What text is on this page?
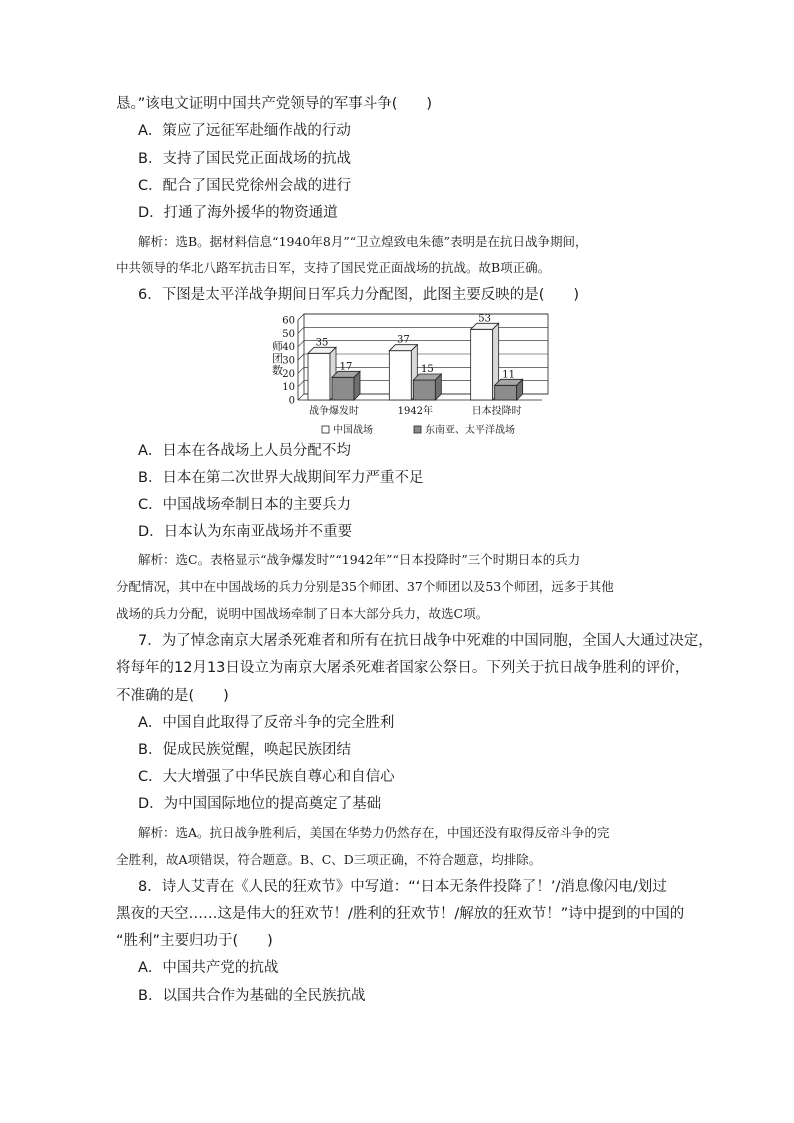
恳。”该电文证明中国共产党领导的军事斗争(　　)
A．策应了远征军赴缅作战的行动
B．支持了国民党正面战场的抗战
C．配合了国民党徐州会战的进行
D．打通了海外援华的物资通道
解析：选B。据材料信息“1940年8月”“卫立煌致电朱德”表明是在抗日战争期间，
中共领导的华北八路军抗击日军，支持了国民党正面战场的抗战。故B项正确。
6．下图是太平洋战争期间日军兵力分配图，此图主要反映的是(　　)
师
团
数
0
10
20
30
40
50
60
35
17
战争爆发时
37
15
1942年
53
11
日本投降时
中国战场	东南亚、太平洋战场
A．日本在各战场上人员分配不均
B．日本在第二次世界大战期间军力严重不足
C．中国战场牵制日本的主要兵力
D．日本认为东南亚战场并不重要
解析：选C。表格显示“战争爆发时”“1942年”“日本投降时”三个时期日本的兵力
分配情况，其中在中国战场的兵力分别是35个师团、37个师团以及53个师团，远多于其他
战场的兵力分配，说明中国战场牵制了日本大部分兵力，故选C项。
7．为了悼念南京大屠杀死难者和所有在抗日战争中死难的中国同胞，全国人大通过决定，
将每年的12月13日设立为南京大屠杀死难者国家公祭日。下列关于抗日战争胜利的评价，
不准确的是(　　)
A．中国自此取得了反帝斗争的完全胜利
B．促成民族觉醒，唤起民族团结
C．大大增强了中华民族自尊心和自信心
D．为中国国际地位的提高奠定了基础
解析：选A。抗日战争胜利后，美国在华势力仍然存在，中国还没有取得反帝斗争的完
全胜利，故A项错误，符合题意。B、C、D三项正确，不符合题意，均排除。
8．诗人艾青在《人民的狂欢节》中写道：“‘日本无条件投降了！’/消息像闪电/划过
黑夜的天空……这是伟大的狂欢节！/胜利的狂欢节！/解放的狂欢节！”诗中提到的中国的
“胜利”主要归功于(　　)
A．中国共产党的抗战
B．以国共合作为基础的全民族抗战
